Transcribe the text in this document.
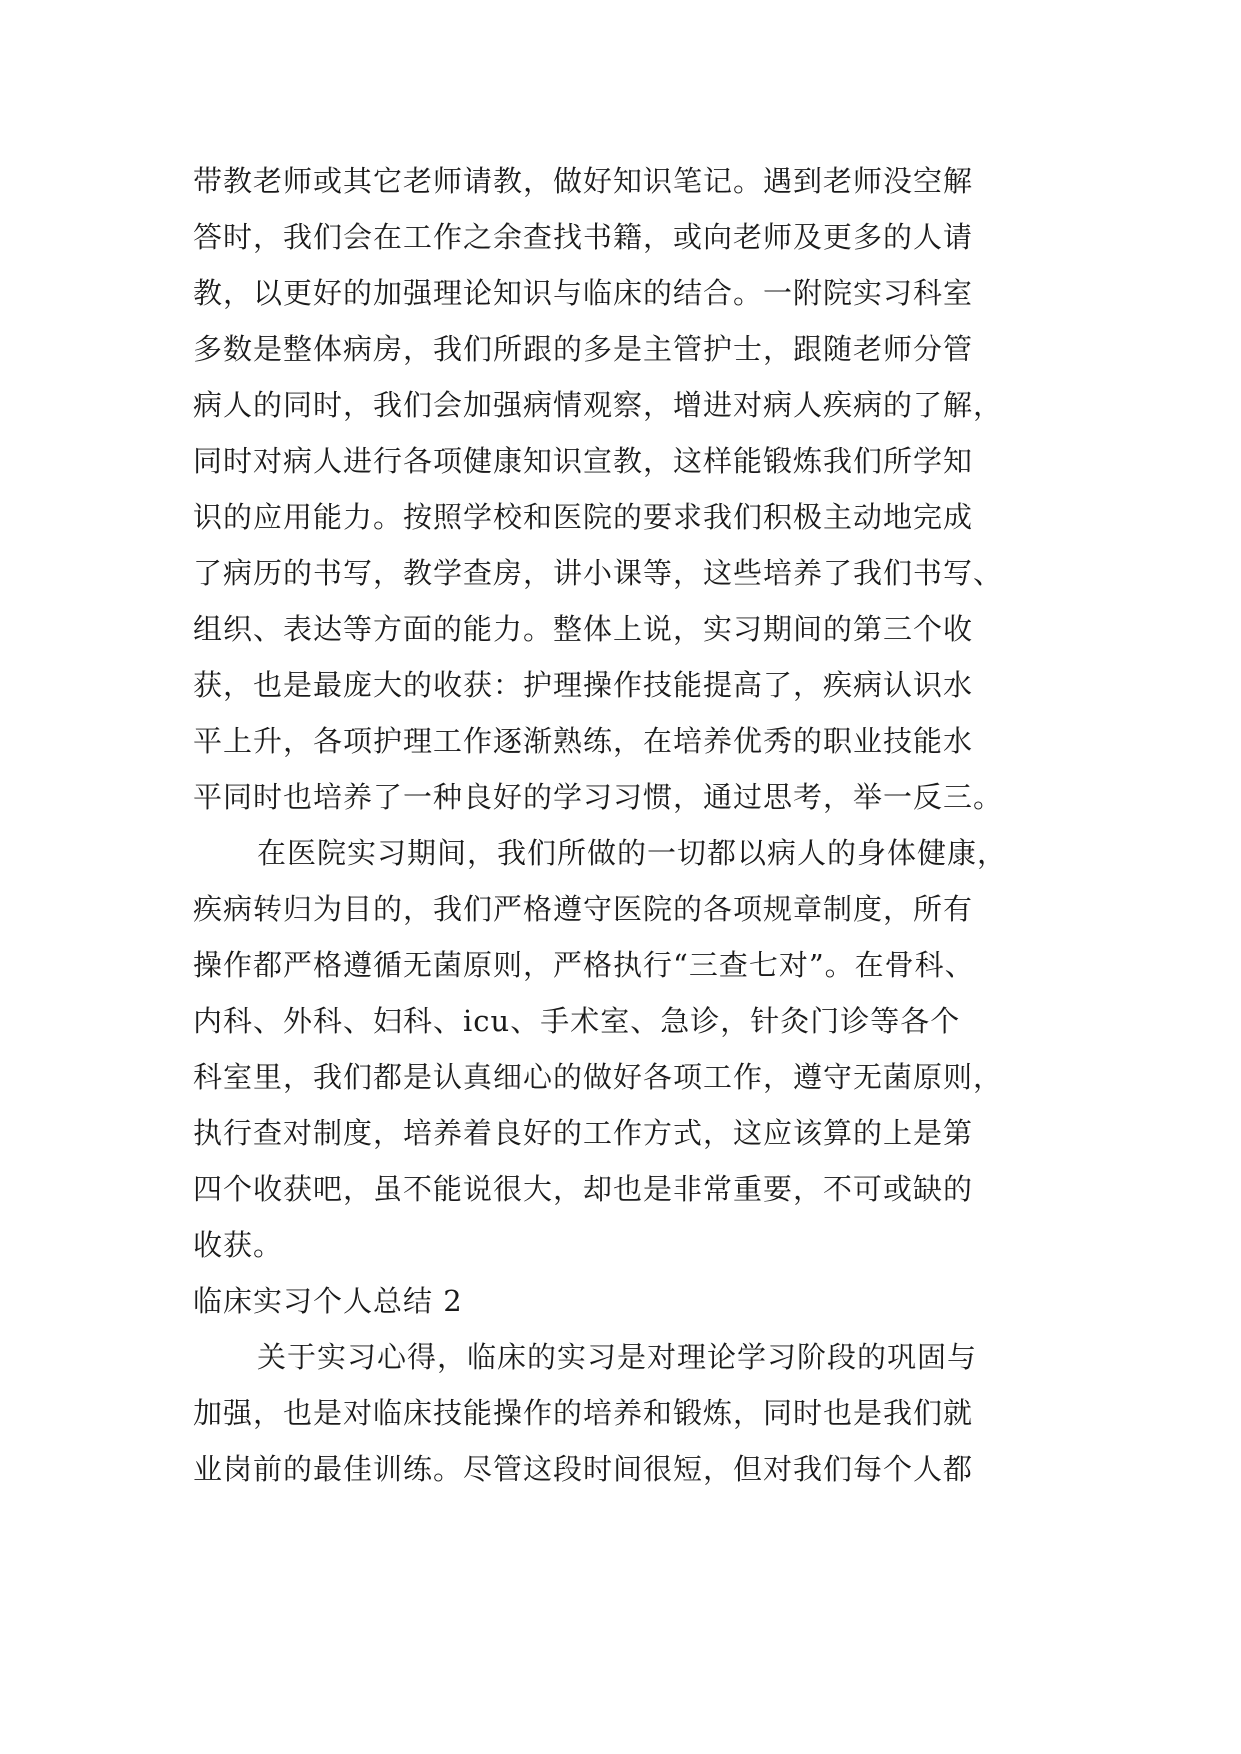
带教老师或其它老师请教，做好知识笔记。遇到老师没空解
答时，我们会在工作之余查找书籍，或向老师及更多的人请
教，以更好的加强理论知识与临床的结合。一附院实习科室
多数是整体病房，我们所跟的多是主管护士，跟随老师分管
病人的同时，我们会加强病情观察，增进对病人疾病的了解，
同时对病人进行各项健康知识宣教，这样能锻炼我们所学知
识的应用能力。按照学校和医院的要求我们积极主动地完成
了病历的书写，教学查房，讲小课等，这些培养了我们书写、
组织、表达等方面的能力。整体上说，实习期间的第三个收
获，也是最庞大的收获：护理操作技能提高了，疾病认识水
平上升，各项护理工作逐渐熟练，在培养优秀的职业技能水
平同时也培养了一种良好的学习习惯，通过思考，举一反三。
在医院实习期间，我们所做的一切都以病人的身体健康，
疾病转归为目的，我们严格遵守医院的各项规章制度，所有
操作都严格遵循无菌原则，严格执行“三查七对”。在骨科、
内科、外科、妇科、icu、手术室、急诊，针灸门诊等各个
科室里，我们都是认真细心的做好各项工作，遵守无菌原则，
执行查对制度，培养着良好的工作方式，这应该算的上是第
四个收获吧，虽不能说很大，却也是非常重要，不可或缺的
收获。
临床实习个人总结 2
关于实习心得，临床的实习是对理论学习阶段的巩固与
加强，也是对临床技能操作的培养和锻炼，同时也是我们就
业岗前的最佳训练。尽管这段时间很短，但对我们每个人都
